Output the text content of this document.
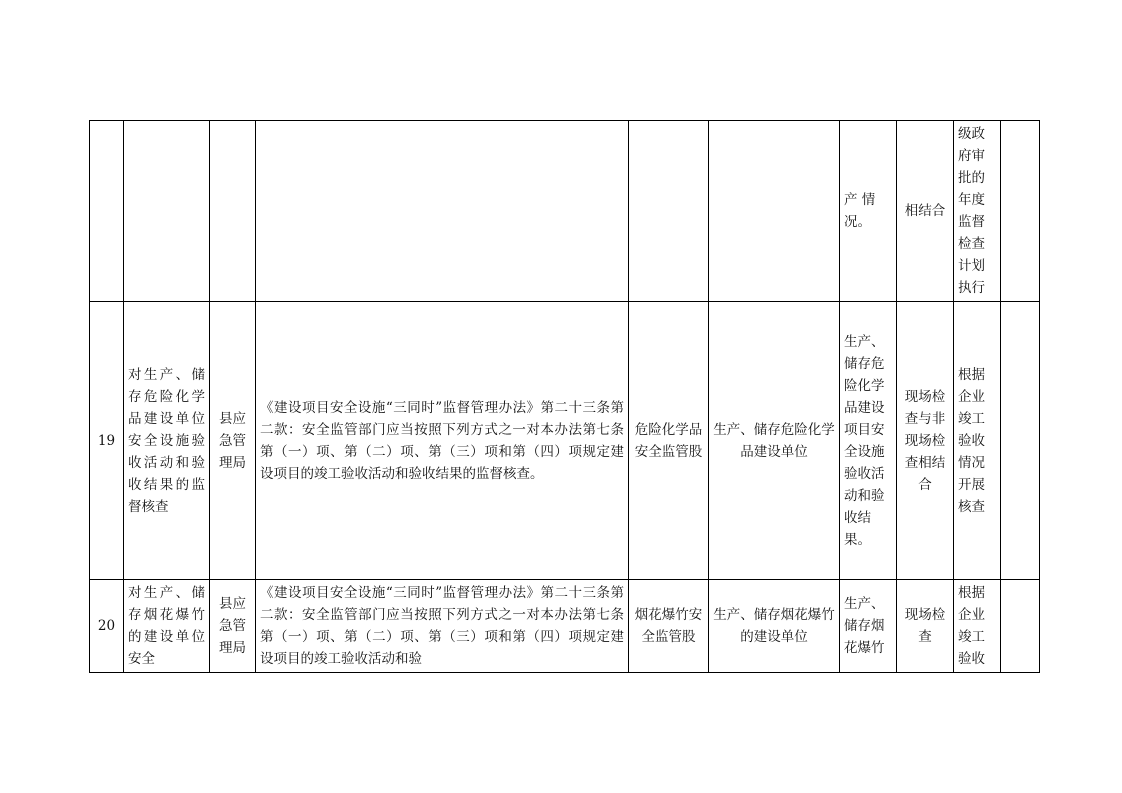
						产 情况。	相结合	级政府审批的年度监督检查计划执行	

19	对生产、储存危险化学品建设单位安全设施验收活动和验收结果的监督核查	县应急管理局	《建设项目安全设施“三同时”监督管理办法》第二十三条第二款：安全监管部门应当按照下列方式之一对本办法第七条第（一）项、第（二）项、第（三）项和第（四）项规定建设项目的竣工验收活动和验收结果的监督核查。	危险化学品安全监管股	生产、储存危险化学品建设单位	生产、储存危险化学品建设项目安全设施验收活动和验收结果。	现场检查与非现场检查相结合	根据企业竣工验收情况开展核查	

20	对生产、储存烟花爆竹的建设单位安全	县应急管理局	《建设项目安全设施“三同时”监督管理办法》第二十三条第二款：安全监管部门应当按照下列方式之一对本办法第七条第（一）项、第（二）项、第（三）项和第（四）项规定建设项目的竣工验收活动和验	烟花爆竹安全监管股	生产、储存烟花爆竹的建设单位	生产、储存烟花爆竹	现场检查	根据企业竣工验收	
